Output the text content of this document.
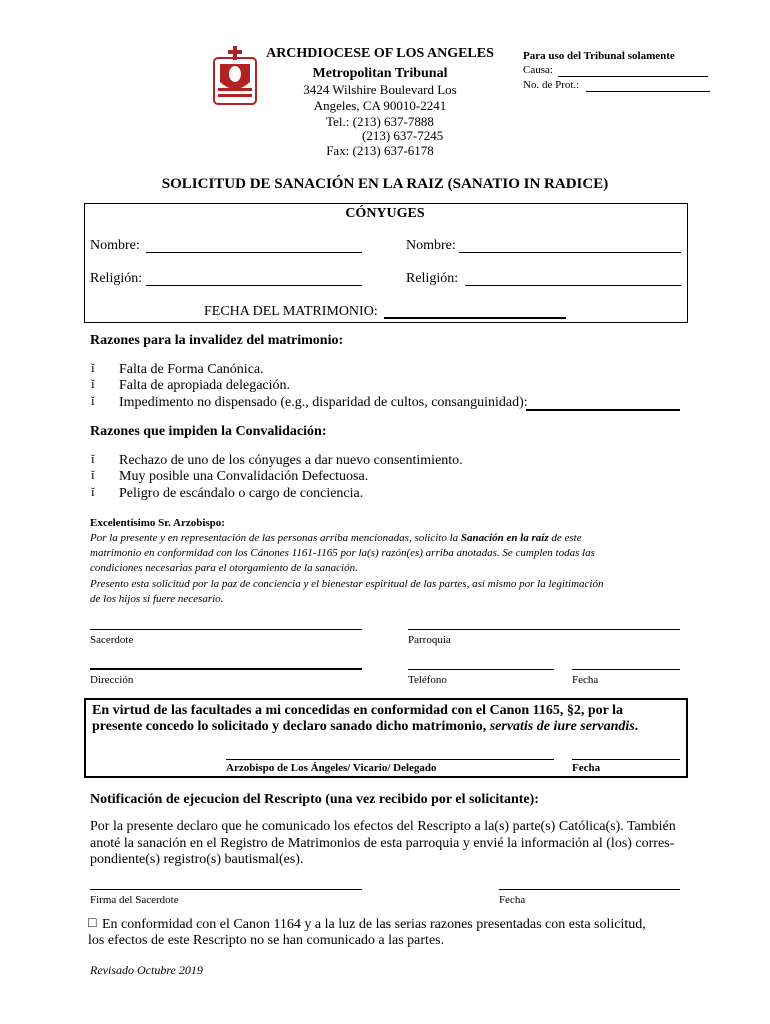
ARCHDIOCESE OF LOS ANGELES
Metropolitan Tribunal
3424 Wilshire Boulevard Los
Angeles, CA 90010-2241
Tel.: (213) 637-7888
(213) 637-7245
Fax: (213) 637-6178
Para uso del Tribunal solamente
Causa:
No. de Prot.:
SOLICITUD DE SANACIÓN EN LA RAIZ (SANATIO IN RADICE)
CÓNYUGES
Nombre:	Nombre:
Religión:	Religión:
FECHA DEL MATRIMONIO:
Razones para la invalidez del matrimonio:
ǐ Falta de Forma Canónica.
ǐ Falta de apropiada delegación.
ǐ Impedimento no dispensado (e.g., disparidad de cultos, consanguinidad):
Razones que impiden la Convalidación:
ǐ Rechazo de uno de los cónyuges a dar nuevo consentimiento.
ǐ Muy posible una Convalidación Defectuosa.
ǐ Peligro de escándalo o cargo de conciencia.
Excelentísimo Sr. Arzobispo:
Por la presente y en representación de las personas arriba mencionadas, solicito la Sanación en la raíz de este
matrimonio en conformidad con los Cánones 1161-1165 por la(s) razón(es) arriba anotadas. Se cumplen todas las
condiciones necesarias para el otorgamiento de la sanación.
Presento esta solicitud por la paz de conciencia y el bienestar espiritual de las partes, así mismo por la legitimación
de los hijos si fuere necesario.
Sacerdote	Parroquia
Dirección	Teléfono	Fecha
En virtud de las facultades a mi concedidas en conformidad con el Canon 1165, §2, por la
presente concedo lo solicitado y declaro sanado dicho matrimonio, servatis de iure servandis.
Arzobispo de Los Ángeles/ Vicario/ Delegado	Fecha
Notificación de ejecucion del Rescripto (una vez recibido por el solicitante):
Por la presente declaro que he comunicado los efectos del Rescripto a la(s) parte(s) Católica(s). También
anoté la sanación en el Registro de Matrimonios de esta parroquia y envié la información al (los) corres-
pondiente(s) registro(s) bautismal(es).
Firma del Sacerdote	Fecha
□ En conformidad con el Canon 1164 y a la luz de las serias razones presentadas con esta solicitud,
los efectos de este Rescripto no se han comunicado a las partes.
Revisado Octubre 2019
